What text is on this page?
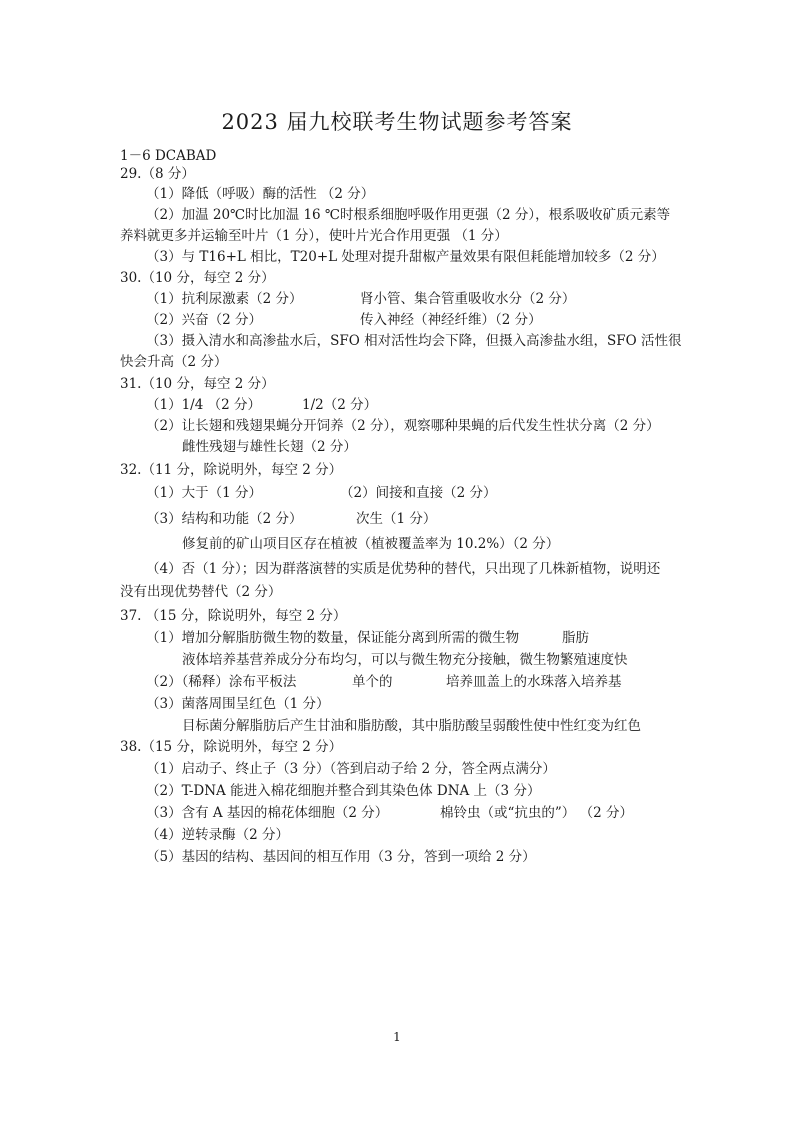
2023 届九校联考生物试题参考答案
1－6 DCABAD
29.（8 分）
（1）降低（呼吸）酶的活性 （2 分）
（2）加温 20℃时比加温 16 ℃时根系细胞呼吸作用更强（2 分），根系吸收矿质元素等
养料就更多并运输至叶片（1 分），使叶片光合作用更强 （1 分）
（3）与 T16+L 相比，T20+L 处理对提升甜椒产量效果有限但耗能增加较多（2 分）
30.（10 分，每空 2 分）
（1）抗利尿激素（2 分）	肾小管、集合管重吸收水分（2 分）
（2）兴奋（2 分）	传入神经（神经纤维）（2 分）
（3）摄入清水和高渗盐水后，SFO 相对活性均会下降，但摄入高渗盐水组，SFO 活性很
快会升高（2 分）
31.（10 分，每空 2 分）
（1）1/4 （2 分）	1/2（2 分）
（2）让长翅和残翅果蝇分开饲养（2 分），观察哪种果蝇的后代发生性状分离（2 分）
雌性残翅与雄性长翅（2 分）
32.（11 分，除说明外，每空 2 分）
（1）大于（1 分）	（2）间接和直接（2 分）
（3）结构和功能（2 分）	次生（1 分）
修复前的矿山项目区存在植被（植被覆盖率为 10.2%）（2 分）
（4）否（1 分）；因为群落演替的实质是优势种的替代，只出现了几株新植物，说明还
没有出现优势替代（2 分）
37. （15 分，除说明外，每空 2 分）
（1）增加分解脂肪微生物的数量，保证能分离到所需的微生物	脂肪
液体培养基营养成分分布均匀，可以与微生物充分接触，微生物繁殖速度快
（2）（稀释）涂布平板法	单个的	培养皿盖上的水珠落入培养基
（3）菌落周围呈红色（1 分）
目标菌分解脂肪后产生甘油和脂肪酸，其中脂肪酸呈弱酸性使中性红变为红色
38.（15 分，除说明外，每空 2 分）
（1）启动子、终止子（3 分）（答到启动子给 2 分，答全两点满分）
（2）T-DNA 能进入棉花细胞并整合到其染色体 DNA 上（3 分）
（3）含有 A 基因的棉花体细胞（2 分）	棉铃虫（或“抗虫的”） （2 分）
（4）逆转录酶（2 分）
（5）基因的结构、基因间的相互作用（3 分，答到一项给 2 分）
1
